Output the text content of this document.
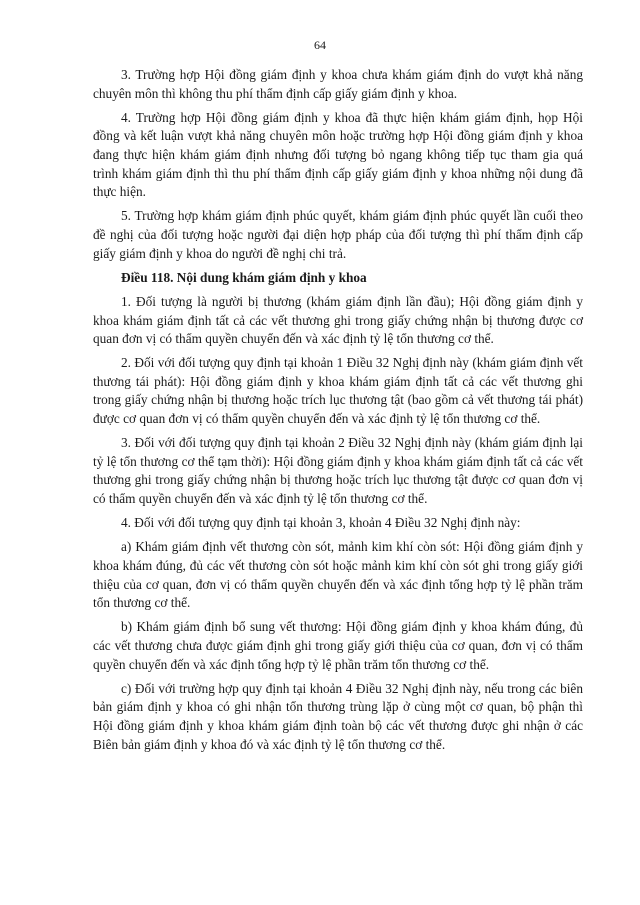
64

3. Trường hợp Hội đồng giám định y khoa chưa khám giám định do vượt khả năng chuyên môn thì không thu phí thẩm định cấp giấy giám định y khoa.

4. Trường hợp Hội đồng giám định y khoa đã thực hiện khám giám định, họp Hội đồng và kết luận vượt khả năng chuyên môn hoặc trường hợp Hội đồng giám định y khoa đang thực hiện khám giám định nhưng đối tượng bỏ ngang không tiếp tục tham gia quá trình khám giám định thì thu phí thẩm định cấp giấy giám định y khoa những nội dung đã thực hiện.

5. Trường hợp khám giám định phúc quyết, khám giám định phúc quyết lần cuối theo đề nghị của đối tượng hoặc người đại diện hợp pháp của đối tượng thì phí thẩm định cấp giấy giám định y khoa do người đề nghị chi trả.

Điều 118. Nội dung khám giám định y khoa

1. Đối tượng là người bị thương (khám giám định lần đầu); Hội đồng giám định y khoa khám giám định tất cả các vết thương ghi trong giấy chứng nhận bị thương được cơ quan đơn vị có thẩm quyền chuyển đến và xác định tỷ lệ tổn thương cơ thể.

2. Đối với đối tượng quy định tại khoản 1 Điều 32 Nghị định này (khám giám định vết thương tái phát): Hội đồng giám định y khoa khám giám định tất cả các vết thương ghi trong giấy chứng nhận bị thương hoặc trích lục thương tật (bao gồm cả vết thương tái phát) được cơ quan đơn vị có thẩm quyền chuyển đến và xác định tỷ lệ tổn thương cơ thể.

3. Đối với đối tượng quy định tại khoản 2 Điều 32 Nghị định này (khám giám định lại tỷ lệ tổn thương cơ thể tạm thời): Hội đồng giám định y khoa khám giám định tất cả các vết thương ghi trong giấy chứng nhận bị thương hoặc trích lục thương tật được cơ quan đơn vị có thẩm quyền chuyển đến và xác định tỷ lệ tổn thương cơ thể.

4. Đối với đối tượng quy định tại khoản 3, khoản 4 Điều 32 Nghị định này:

a) Khám giám định vết thương còn sót, mảnh kim khí còn sót: Hội đồng giám định y khoa khám đúng, đủ các vết thương còn sót hoặc mảnh kim khí còn sót ghi trong giấy giới thiệu của cơ quan, đơn vị có thẩm quyền chuyển đến và xác định tổng hợp tỷ lệ phần trăm tổn thương cơ thể.

b) Khám giám định bổ sung vết thương: Hội đồng giám định y khoa khám đúng, đủ các vết thương chưa được giám định ghi trong giấy giới thiệu của cơ quan, đơn vị có thẩm quyền chuyển đến và xác định tổng hợp tỷ lệ phần trăm tổn thương cơ thể.

c) Đối với trường hợp quy định tại khoản 4 Điều 32 Nghị định này, nếu trong các biên bản giám định y khoa có ghi nhận tổn thương trùng lặp ở cùng một cơ quan, bộ phận thì Hội đồng giám định y khoa khám giám định toàn bộ các vết thương được ghi nhận ở các Biên bản giám định y khoa đó và xác định tỷ lệ tổn thương cơ thể.
